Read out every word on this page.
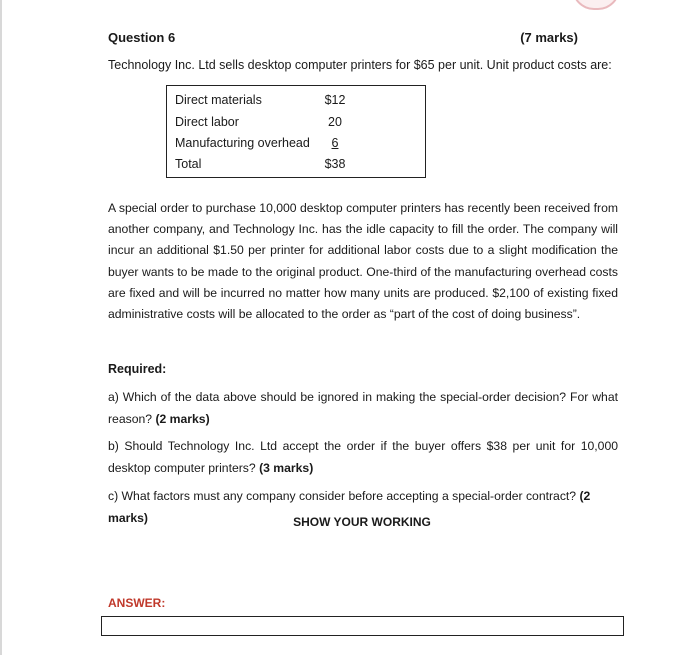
Question 6	(7 marks)
Technology Inc. Ltd sells desktop computer printers for $65 per unit. Unit product costs are:
Direct materials	$12
Direct labor	20
Manufacturing overhead	6
Total	$38
A special order to purchase 10,000 desktop computer printers has recently been received from another company, and Technology Inc. has the idle capacity to fill the order. The company will incur an additional $1.50 per printer for additional labor costs due to a slight modification the buyer wants to be made to the original product. One-third of the manufacturing overhead costs are fixed and will be incurred no matter how many units are produced. $2,100 of existing fixed administrative costs will be allocated to the order as “part of the cost of doing business”.
Required:
a) Which of the data above should be ignored in making the special-order decision? For what reason? (2 marks)
b) Should Technology Inc. Ltd accept the order if the buyer offers $38 per unit for 10,000 desktop computer printers? (3 marks)
c) What factors must any company consider before accepting a special-order contract? (2 marks)	SHOW YOUR WORKING
ANSWER:
